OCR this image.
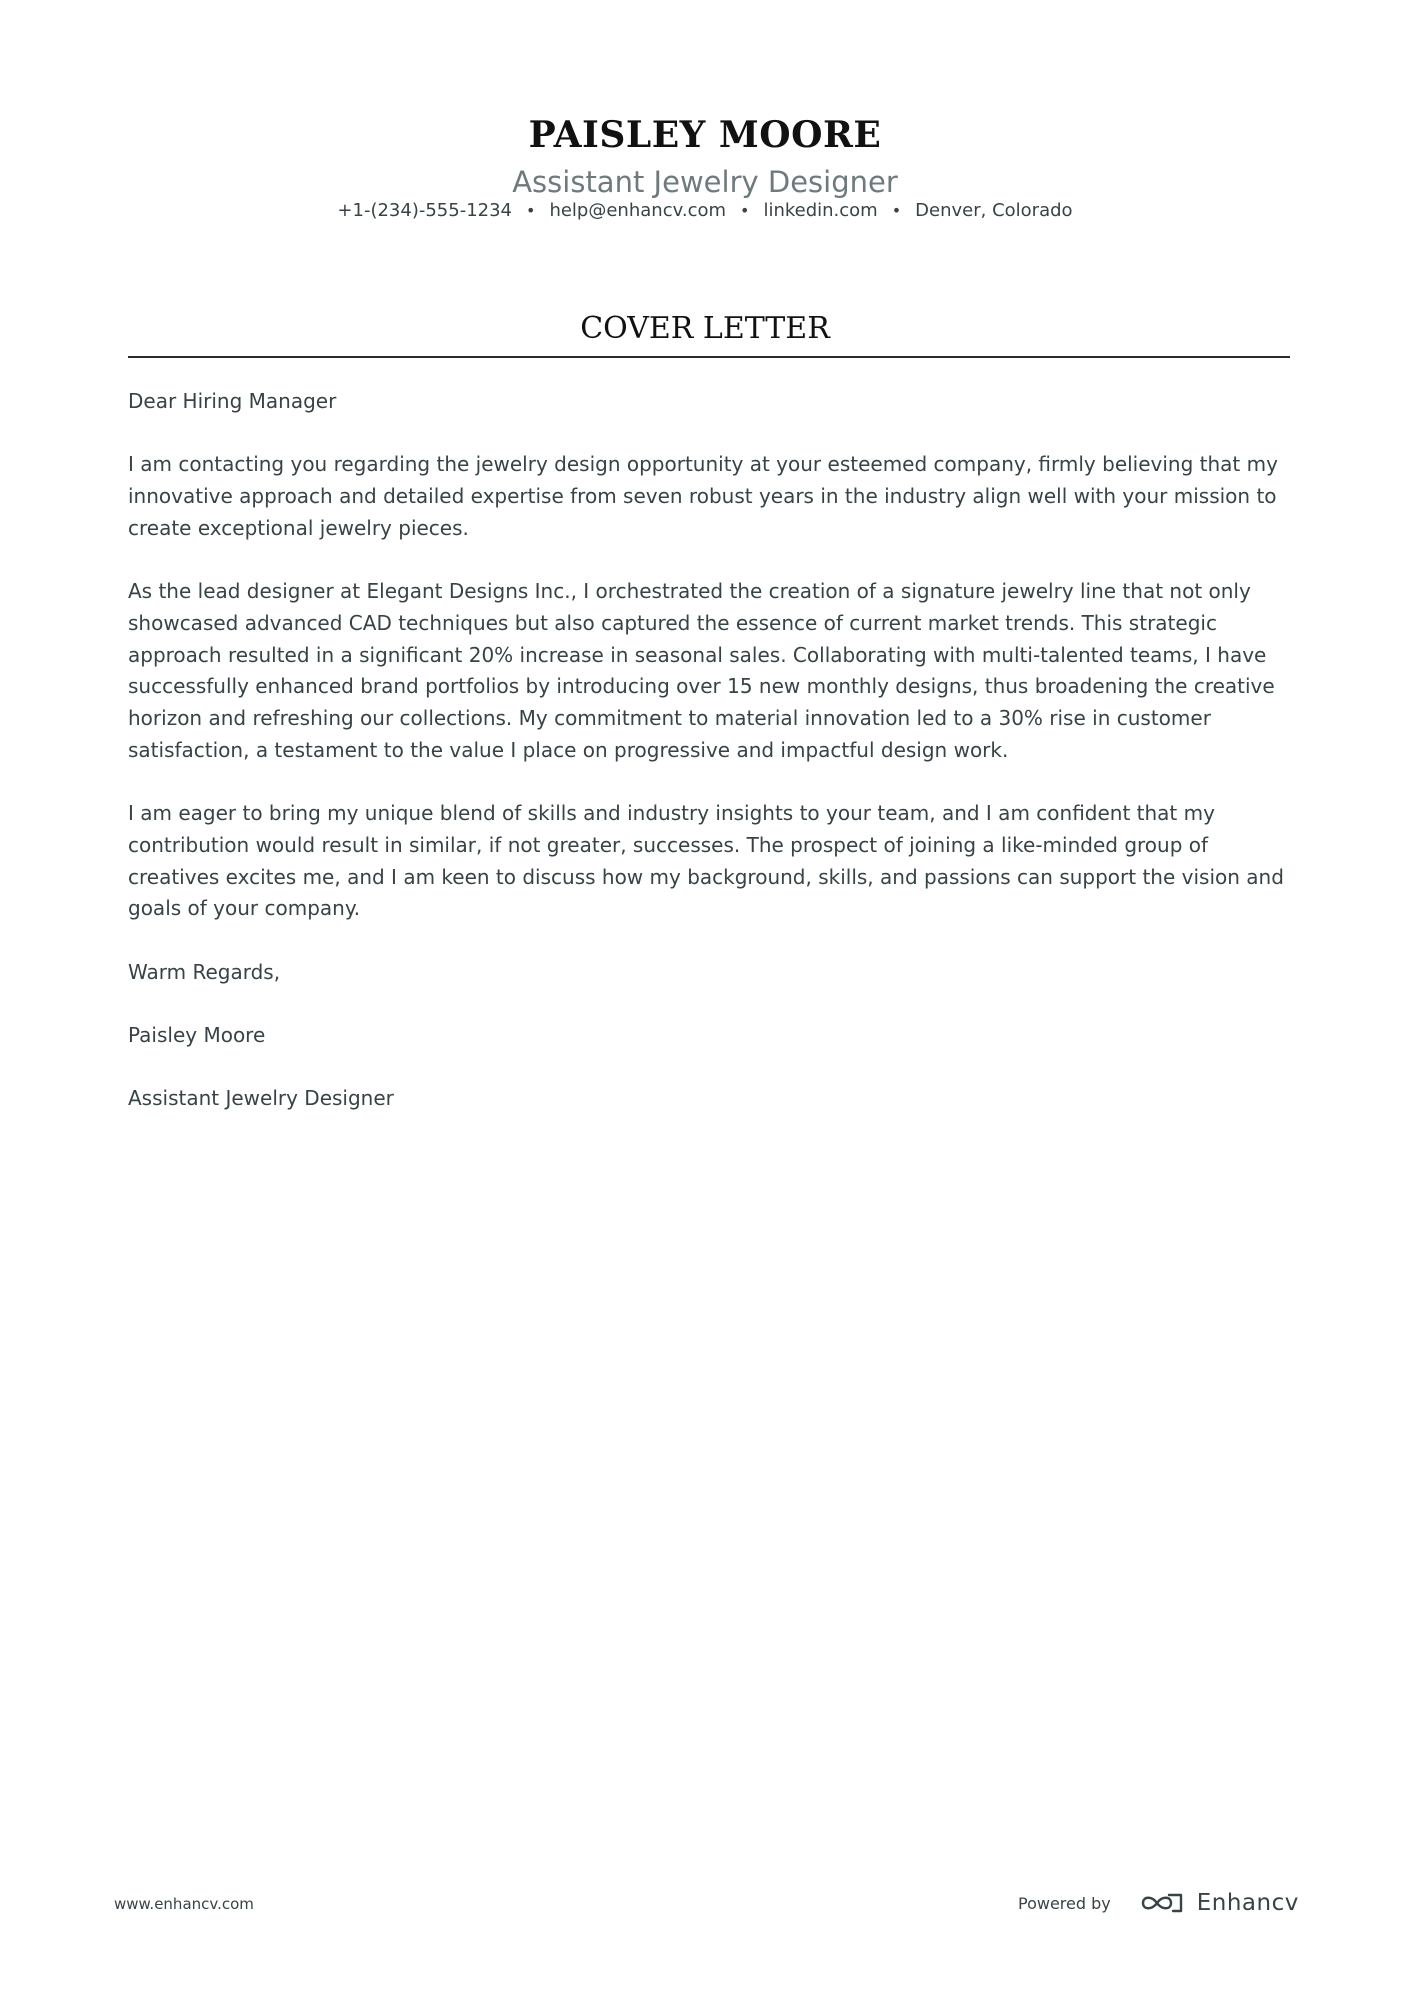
PAISLEY MOORE
Assistant Jewelry Designer
+1-(234)-555-1234 • help@enhancv.com • linkedin.com • Denver, Colorado
COVER LETTER

Dear Hiring Manager

I am contacting you regarding the jewelry design opportunity at your esteemed company, firmly believing that my innovative approach and detailed expertise from seven robust years in the industry align well with your mission to create exceptional jewelry pieces.

As the lead designer at Elegant Designs Inc., I orchestrated the creation of a signature jewelry line that not only showcased advanced CAD techniques but also captured the essence of current market trends. This strategic approach resulted in a significant 20% increase in seasonal sales. Collaborating with multi-talented teams, I have successfully enhanced brand portfolios by introducing over 15 new monthly designs, thus broadening the creative horizon and refreshing our collections. My commitment to material innovation led to a 30% rise in customer satisfaction, a testament to the value I place on progressive and impactful design work.

I am eager to bring my unique blend of skills and industry insights to your team, and I am confident that my contribution would result in similar, if not greater, successes. The prospect of joining a like-minded group of creatives excites me, and I am keen to discuss how my background, skills, and passions can support the vision and goals of your company.

Warm Regards,

Paisley Moore

Assistant Jewelry Designer

www.enhancv.com	Powered by	Enhancv
